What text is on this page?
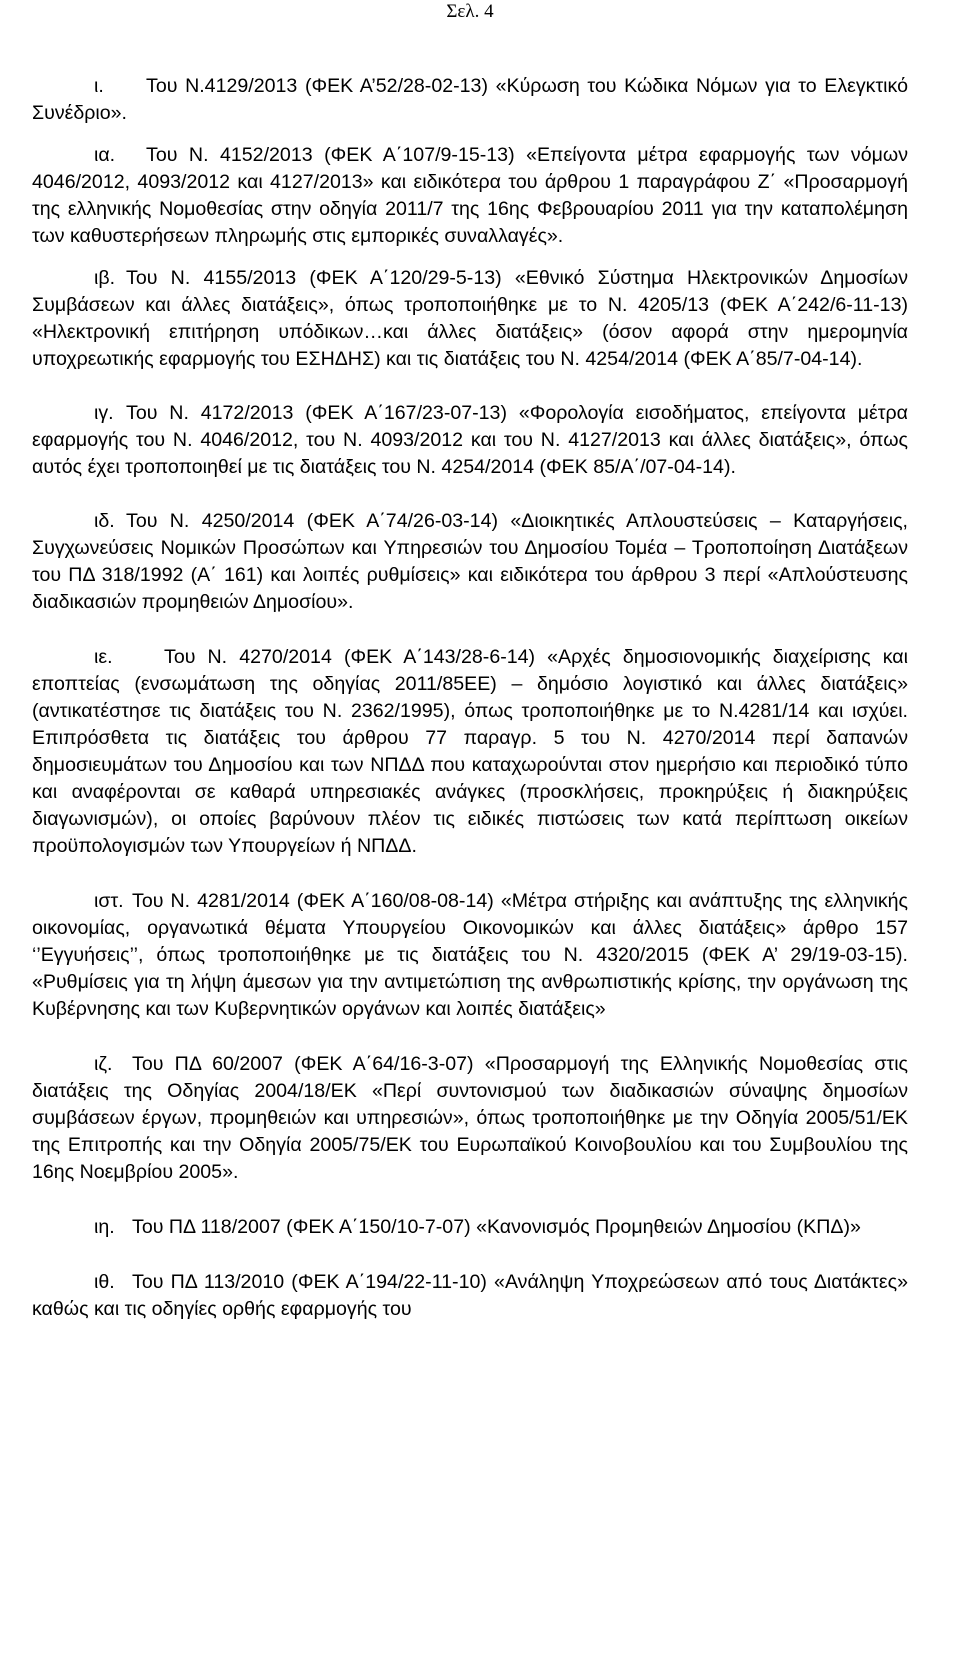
Σελ. 4

ι. Του Ν.4129/2013 (ΦΕΚ Α’52/28-02-13) «Κύρωση του Κώδικα Νόμων για το Ελεγκτικό Συνέδριο».

ια. Του Ν. 4152/2013 (ΦΕΚ Α΄107/9-15-13) «Επείγοντα μέτρα εφαρμογής των νόμων 4046/2012, 4093/2012 και 4127/2013» και ειδικότερα του άρθρου 1 παραγράφου Ζ΄ «Προσαρμογή της ελληνικής Νομοθεσίας στην οδηγία 2011/7 της 16ης Φεβρουαρίου 2011 για την καταπολέμηση των καθυστερήσεων πληρωμής στις εμπορικές συναλλαγές».

ιβ. Του Ν. 4155/2013 (ΦΕΚ Α΄120/29-5-13) «Εθνικό Σύστημα Ηλεκτρονικών Δημοσίων Συμβάσεων και άλλες διατάξεις», όπως τροποποιήθηκε με το Ν. 4205/13 (ΦΕΚ Α΄242/6-11-13) «Ηλεκτρονική επιτήρηση υπόδικων…και άλλες διατάξεις» (όσον αφορά στην ημερομηνία υποχρεωτικής εφαρμογής του ΕΣΗΔΗΣ) και τις διατάξεις του Ν. 4254/2014 (ΦΕΚ Α΄85/7-04-14).

ιγ. Του Ν. 4172/2013 (ΦΕΚ Α΄167/23-07-13) «Φορολογία εισοδήματος, επείγοντα μέτρα εφαρμογής του Ν. 4046/2012, του Ν. 4093/2012 και του Ν. 4127/2013 και άλλες διατάξεις», όπως αυτός έχει τροποποιηθεί με τις διατάξεις του Ν. 4254/2014 (ΦΕΚ 85/Α΄/07-04-14).

ιδ. Του Ν. 4250/2014 (ΦΕΚ Α΄74/26-03-14) «Διοικητικές Απλουστεύσεις – Καταργήσεις, Συγχωνεύσεις Νομικών Προσώπων και Υπηρεσιών του Δημοσίου Τομέα – Τροποποίηση Διατάξεων του ΠΔ 318/1992 (Α΄ 161) και λοιπές ρυθμίσεις» και ειδικότερα του άρθρου 3 περί «Απλούστευσης διαδικασιών προμηθειών Δημοσίου».

ιε.	Του Ν. 4270/2014 (ΦΕΚ Α΄143/28-6-14) «Αρχές δημοσιονομικής διαχείρισης και εποπτείας (ενσωμάτωση της οδηγίας 2011/85ΕΕ) – δημόσιο λογιστικό και άλλες διατάξεις» (αντικατέστησε τις διατάξεις του Ν. 2362/1995), όπως τροποποιήθηκε με το Ν.4281/14 και ισχύει. Επιπρόσθετα τις διατάξεις του άρθρου 77 παραγρ. 5 του Ν. 4270/2014 περί δαπανών δημοσιευμάτων του Δημοσίου και των ΝΠΔΔ που καταχωρούνται στον ημερήσιο και περιοδικό τύπο και αναφέρονται σε καθαρά υπηρεσιακές ανάγκες (προσκλήσεις, προκηρύξεις ή διακηρύξεις διαγωνισμών), οι οποίες βαρύνουν πλέον τις ειδικές πιστώσεις των κατά περίπτωση οικείων προϋπολογισμών των Υπουργείων ή ΝΠΔΔ.

ιστ. Του Ν. 4281/2014 (ΦΕΚ Α΄160/08-08-14) «Μέτρα στήριξης και ανάπτυξης της ελληνικής οικονομίας, οργανωτικά θέματα Υπουργείου Οικονομικών και άλλες διατάξεις» άρθρο 157 ‘’Εγγυήσεις’’, όπως τροποποιήθηκε με τις διατάξεις του Ν. 4320/2015 (ΦΕΚ Α’ 29/19-03-15). «Ρυθμίσεις για τη λήψη άμεσων για την αντιμετώπιση της ανθρωπιστικής κρίσης, την οργάνωση της Κυβέρνησης και των Κυβερνητικών οργάνων και λοιπές διατάξεις»

ιζ. Του ΠΔ 60/2007 (ΦΕΚ Α΄64/16-3-07) «Προσαρμογή της Ελληνικής Νομοθεσίας στις διατάξεις της Οδηγίας 2004/18/ΕΚ «Περί συντονισμού των διαδικασιών σύναψης δημοσίων συμβάσεων έργων, προμηθειών και υπηρεσιών», όπως τροποποιήθηκε με την Οδηγία 2005/51/ΕΚ της Επιτροπής και την Οδηγία 2005/75/ΕΚ του Ευρωπαϊκού Κοινοβουλίου και του Συμβουλίου της 16ης Νοεμβρίου 2005».

ιη. Του ΠΔ 118/2007 (ΦΕΚ Α΄150/10-7-07) «Κανονισμός Προμηθειών Δημοσίου (ΚΠΔ)»

ιθ. Του ΠΔ 113/2010 (ΦΕΚ Α΄194/22-11-10) «Ανάληψη Υποχρεώσεων από τους Διατάκτες» καθώς και τις οδηγίες ορθής εφαρμογής του
